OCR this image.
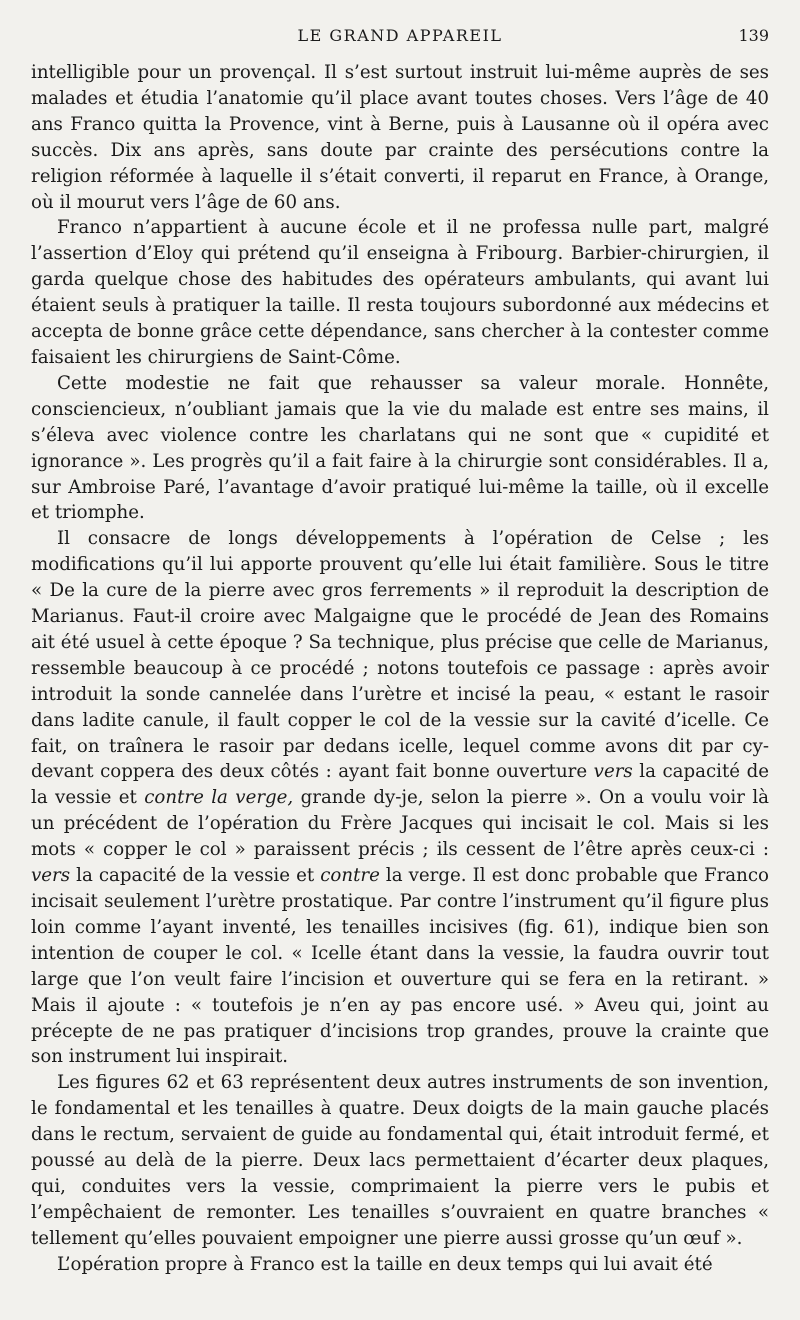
LE GRAND APPAREIL	139

intelligible pour un provençal. Il s’est surtout instruit lui-même auprès de ses malades et étudia l’anatomie qu’il place avant toutes choses. Vers l’âge de 40 ans Franco quitta la Provence, vint à Berne, puis à Lausanne où il opéra avec succès. Dix ans après, sans doute par crainte des persécutions contre la religion réformée à laquelle il s’était converti, il reparut en France, à Orange, où il mourut vers l’âge de 60 ans.

Franco n’appartient à aucune école et il ne professa nulle part, malgré l’assertion d’Eloy qui prétend qu’il enseigna à Fribourg. Barbier-chirurgien, il garda quelque chose des habitudes des opérateurs ambulants, qui avant lui étaient seuls à pratiquer la taille. Il resta toujours subordonné aux médecins et accepta de bonne grâce cette dépendance, sans chercher à la contester comme faisaient les chirurgiens de Saint-Côme.

Cette modestie ne fait que rehausser sa valeur morale. Honnête, consciencieux, n’oubliant jamais que la vie du malade est entre ses mains, il s’éleva avec violence contre les charlatans qui ne sont que « cupidité et ignorance ». Les progrès qu’il a fait faire à la chirurgie sont considérables. Il a, sur Ambroise Paré, l’avantage d’avoir pratiqué lui-même la taille, où il excelle et triomphe.

Il consacre de longs développements à l’opération de Celse ; les modifications qu’il lui apporte prouvent qu’elle lui était familière. Sous le titre « De la cure de la pierre avec gros ferrements » il reproduit la description de Marianus. Faut-il croire avec Malgaigne que le procédé de Jean des Romains ait été usuel à cette époque ? Sa technique, plus précise que celle de Marianus, ressemble beaucoup à ce procédé ; notons toutefois ce passage : après avoir introduit la sonde cannelée dans l’urètre et incisé la peau, « estant le rasoir dans ladite canule, il fault copper le col de la vessie sur la cavité d’icelle. Ce fait, on traînera le rasoir par dedans icelle, lequel comme avons dit par cy-devant coppera des deux côtés : ayant fait bonne ouverture vers la capacité de la vessie et contre la verge, grande dy-je, selon la pierre ». On a voulu voir là un précédent de l’opération du Frère Jacques qui incisait le col. Mais si les mots « copper le col » paraissent précis ; ils cessent de l’être après ceux-ci : vers la capacité de la vessie et contre la verge. Il est donc probable que Franco incisait seulement l’urètre prostatique. Par contre l’instrument qu’il figure plus loin comme l’ayant inventé, les tenailles incisives (fig. 61), indique bien son intention de couper le col. « Icelle étant dans la vessie, la faudra ouvrir tout large que l’on veult faire l’incision et ouverture qui se fera en la retirant. » Mais il ajoute : « toutefois je n’en ay pas encore usé. » Aveu qui, joint au précepte de ne pas pratiquer d’incisions trop grandes, prouve la crainte que son instrument lui inspirait.

Les figures 62 et 63 représentent deux autres instruments de son invention, le fondamental et les tenailles à quatre. Deux doigts de la main gauche placés dans le rectum, servaient de guide au fondamental qui, était introduit fermé, et poussé au delà de la pierre. Deux lacs permettaient d’écarter deux plaques, qui, conduites vers la vessie, comprimaient la pierre vers le pubis et l’empêchaient de remonter. Les tenailles s’ouvraient en quatre branches « tellement qu’elles pouvaient empoigner une pierre aussi grosse qu’un œuf ».

L’opération propre à Franco est la taille en deux temps qui lui avait été
